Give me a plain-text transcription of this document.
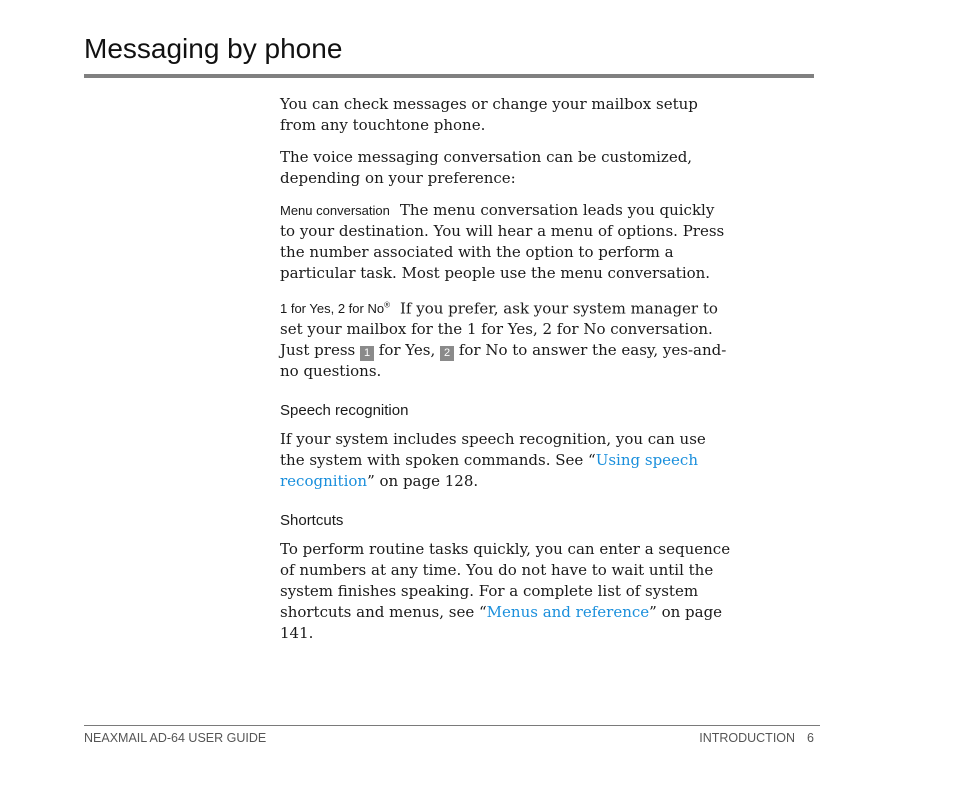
Messaging by phone

You can check messages or change your mailbox setup from any touchtone phone.

The voice messaging conversation can be customized, depending on your preference:

Menu conversation The menu conversation leads you quickly to your destination. You will hear a menu of options. Press the number associated with the option to perform a particular task. Most people use the menu conversation.

1 for Yes, 2 for No® If you prefer, ask your system manager to set your mailbox for the 1 for Yes, 2 for No conversation. Just press 1 for Yes, 2 for No to answer the easy, yes-and-no questions.

Speech recognition

If your system includes speech recognition, you can use the system with spoken commands. See “Using speech recognition” on page 128.

Shortcuts

To perform routine tasks quickly, you can enter a sequence of numbers at any time. You do not have to wait until the system finishes speaking. For a complete list of system shortcuts and menus, see “Menus and reference” on page 141.

NEAXMAIL AD-64 USER GUIDE	INTRODUCTION 6
